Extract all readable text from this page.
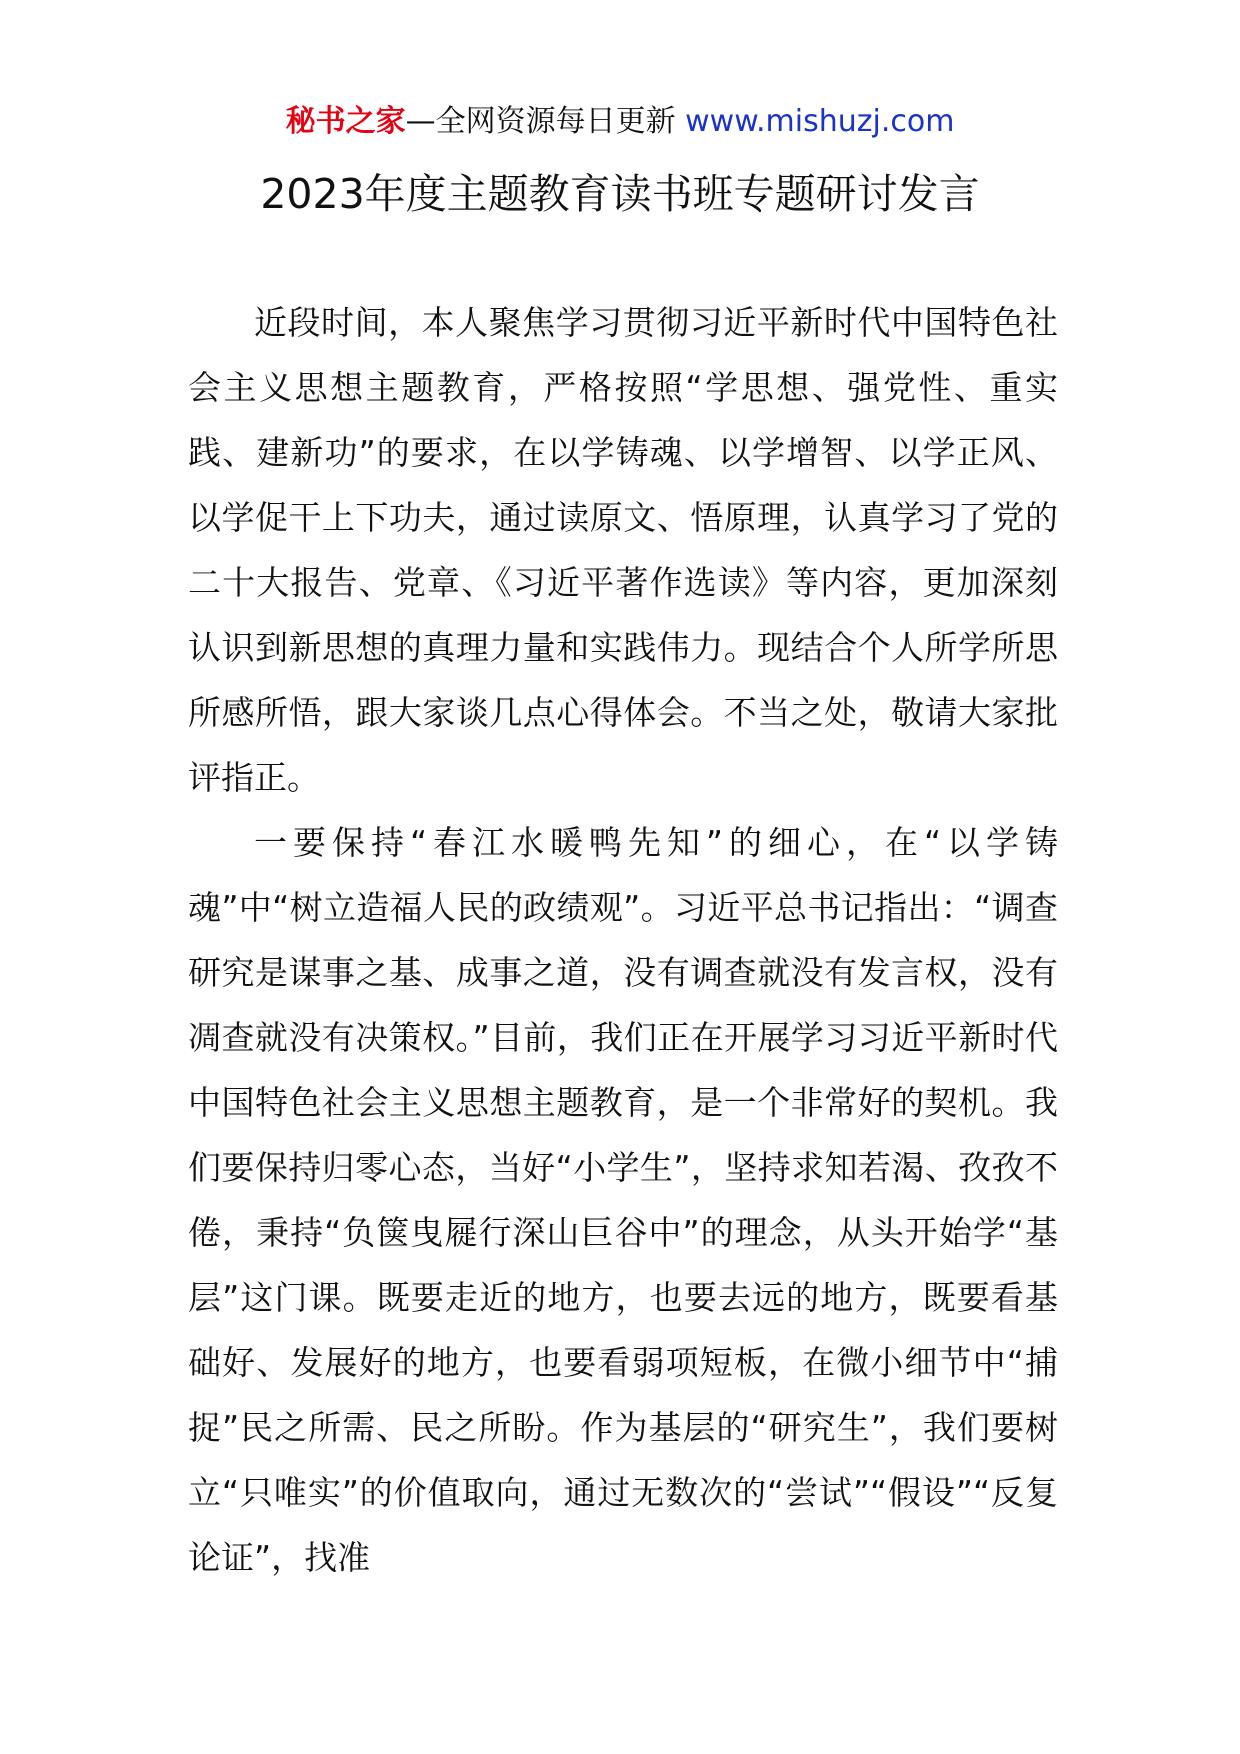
秘书之家—全网资源每日更新 www.mishuzj.com
2023年度主题教育读书班专题研讨发言

近段时间，本人聚焦学习贯彻习近平新时代中国特色社会主义思想主题教育，严格按照“学思想、强党性、重实践、建新功”的要求，在以学铸魂、以学增智、以学正风、以学促干上下功夫，通过读原文、悟原理，认真学习了党的二十大报告、党章、《习近平著作选读》等内容，更加深刻认识到新思想的真理力量和实践伟力。现结合个人所学所思所感所悟，跟大家谈几点心得体会。不当之处，敬请大家批评指正。

一要保持“春江水暖鸭先知”的细心，在“以学铸魂”中“树立造福人民的政绩观”。习近平总书记指出：“调查研究是谋事之基、成事之道，没有调查就没有发言权，没有凋查就没有决策权。”目前，我们正在开展学习习近平新时代中国特色社会主义思想主题教育，是一个非常好的契机。我们要保持归零心态，当好“小学生”，坚持求知若渴、孜孜不倦，秉持“负箧曳屣行深山巨谷中”的理念，从头开始学“基层”这门课。既要走近的地方，也要去远的地方，既要看基础好、发展好的地方，也要看弱项短板，在微小细节中“捕捉”民之所需、民之所盼。作为基层的“研究生”，我们要树立“只唯实”的价值取向，通过无数次的“尝试”“假设”“反复论证”，找准
